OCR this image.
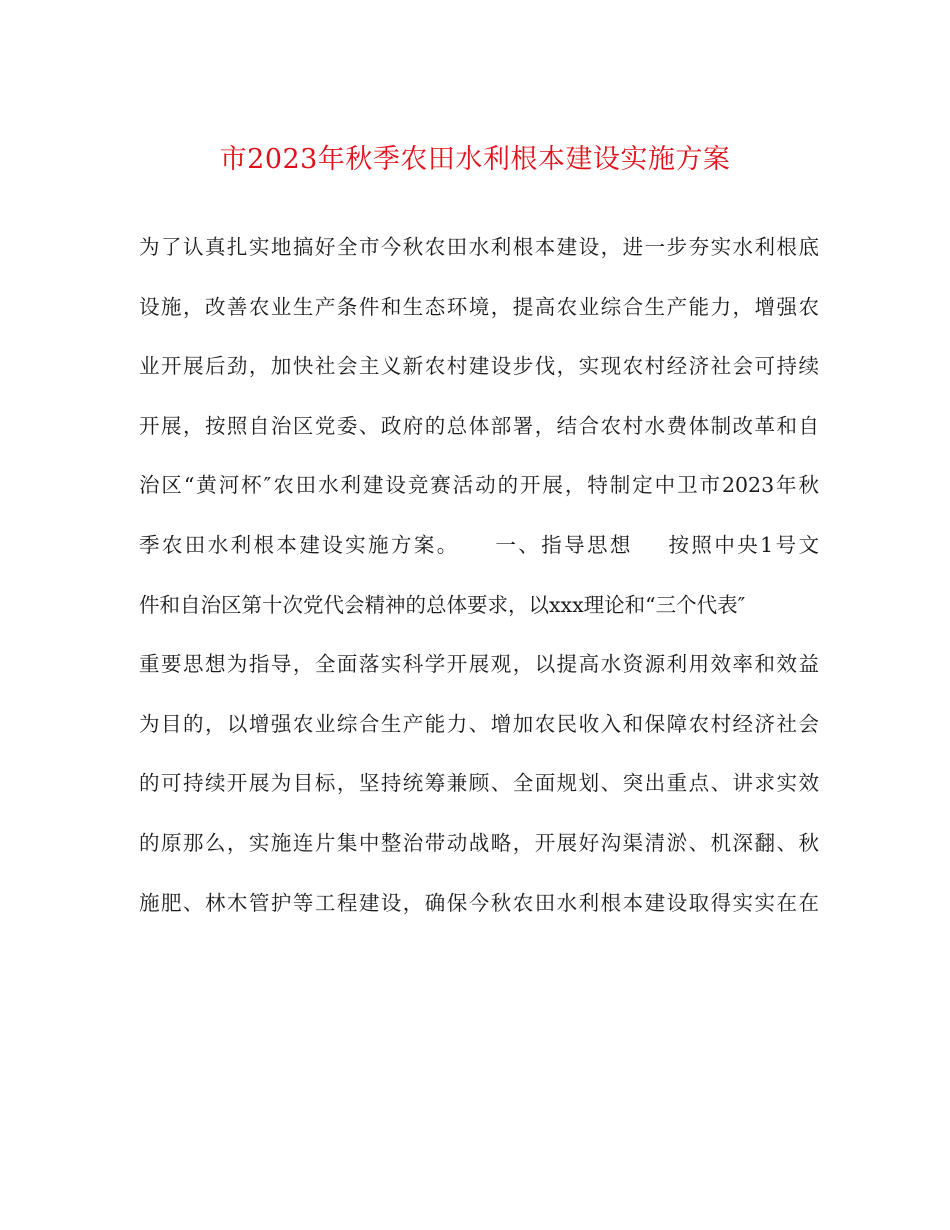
市2023年秋季农田水利根本建设实施方案
为了认真扎实地搞好全市今秋农田水利根本建设，进一步夯实水利根底
设施，改善农业生产条件和生态环境，提高农业综合生产能力，增强农
业开展后劲，加快社会主义新农村建设步伐，实现农村经济社会可持续
开展，按照自治区党委、政府的总体部署，结合农村水费体制改革和自
治区“黄河杯″农田水利建设竞赛活动的开展，特制定中卫市2023年秋
季农田水利根本建设实施方案。    一、指导思想    按照中央1号文
件和自治区第十次党代会精神的总体要求，以xxx理论和“三个代表″
重要思想为指导，全面落实科学开展观，以提高水资源利用效率和效益
为目的，以增强农业综合生产能力、增加农民收入和保障农村经济社会
的可持续开展为目标，坚持统筹兼顾、全面规划、突出重点、讲求实效
的原那么，实施连片集中整治带动战略，开展好沟渠清淤、机深翻、秋
施肥、林木管护等工程建设，确保今秋农田水利根本建设取得实实在在
